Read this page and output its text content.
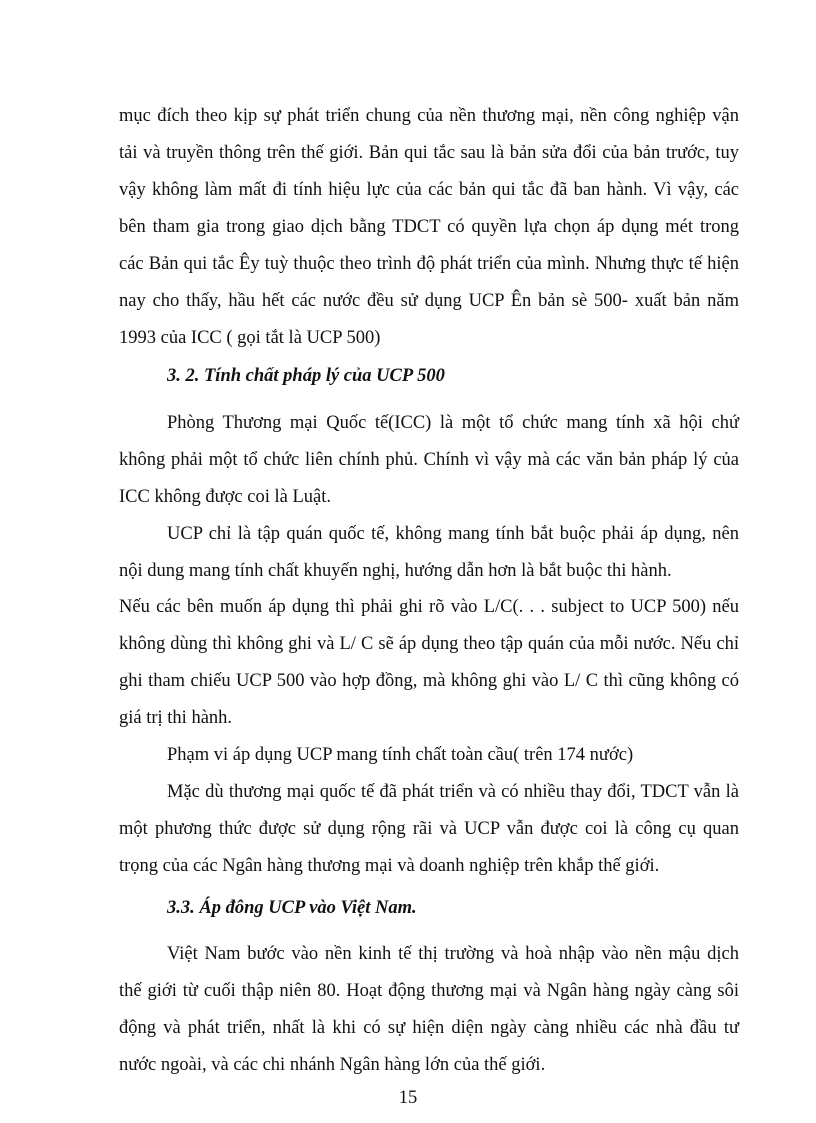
mục đích theo kịp sự phát triển chung của nền thương mại, nền công nghiệp vận
tải và truyền thông trên thế giới. Bản qui tắc sau là bản sửa đổi của bản trước, tuy
vậy không làm mất đi tính hiệu lực của các bản qui tắc đã ban hành. Vì vậy, các
bên tham gia trong giao dịch bằng TDCT có quyền lựa chọn áp dụng mét trong
các Bản qui tắc Êy tuỳ thuộc theo trình độ phát triển của mình. Nhưng thực tế hiện
nay cho thấy, hầu hết các nước đều sử dụng UCP Ên bản sè 500- xuất bản năm
1993 của ICC ( gọi tắt là UCP 500)
3. 2. Tính chất pháp lý của UCP 500
Phòng Thương mại Quốc tế(ICC) là một tổ chức mang tính xã hội chứ
không phải một tổ chức liên chính phủ. Chính vì vậy mà các văn bản pháp lý của
ICC không được coi là Luật.
UCP chỉ là tập quán quốc tế, không mang tính bắt buộc phải áp dụng, nên
nội dung mang tính chất khuyến nghị, hướng dẫn hơn là bắt buộc thi hành.
Nếu các bên muốn áp dụng thì phải ghi rõ vào L/C(. . . subject to UCP 500) nếu
không dùng thì không ghi và L/ C sẽ áp dụng theo tập quán của mỗi nước. Nếu chỉ
ghi tham chiếu UCP 500 vào hợp đồng, mà không ghi vào L/ C thì cũng không có
giá trị thi hành.
Phạm vi áp dụng UCP mang tính chất toàn cầu( trên 174 nước)
Mặc dù thương mại quốc tế đã phát triển và có nhiều thay đổi, TDCT vẫn là
một phương thức được sử dụng rộng rãi và UCP vẫn được coi là công cụ quan
trọng của các Ngân hàng thương mại và doanh nghiệp trên khắp thế giới.
3.3. Áp đông UCP vào Việt Nam.
Việt Nam bước vào nền kinh tế thị trường và hoà nhập vào nền mậu dịch
thế giới từ cuối thập niên 80. Hoạt động thương mại và Ngân hàng ngày càng sôi
động và phát triển, nhất là khi có sự hiện diện ngày càng nhiều các nhà đầu tư
nước ngoài, và các chi nhánh Ngân hàng lớn của thế giới.
15
